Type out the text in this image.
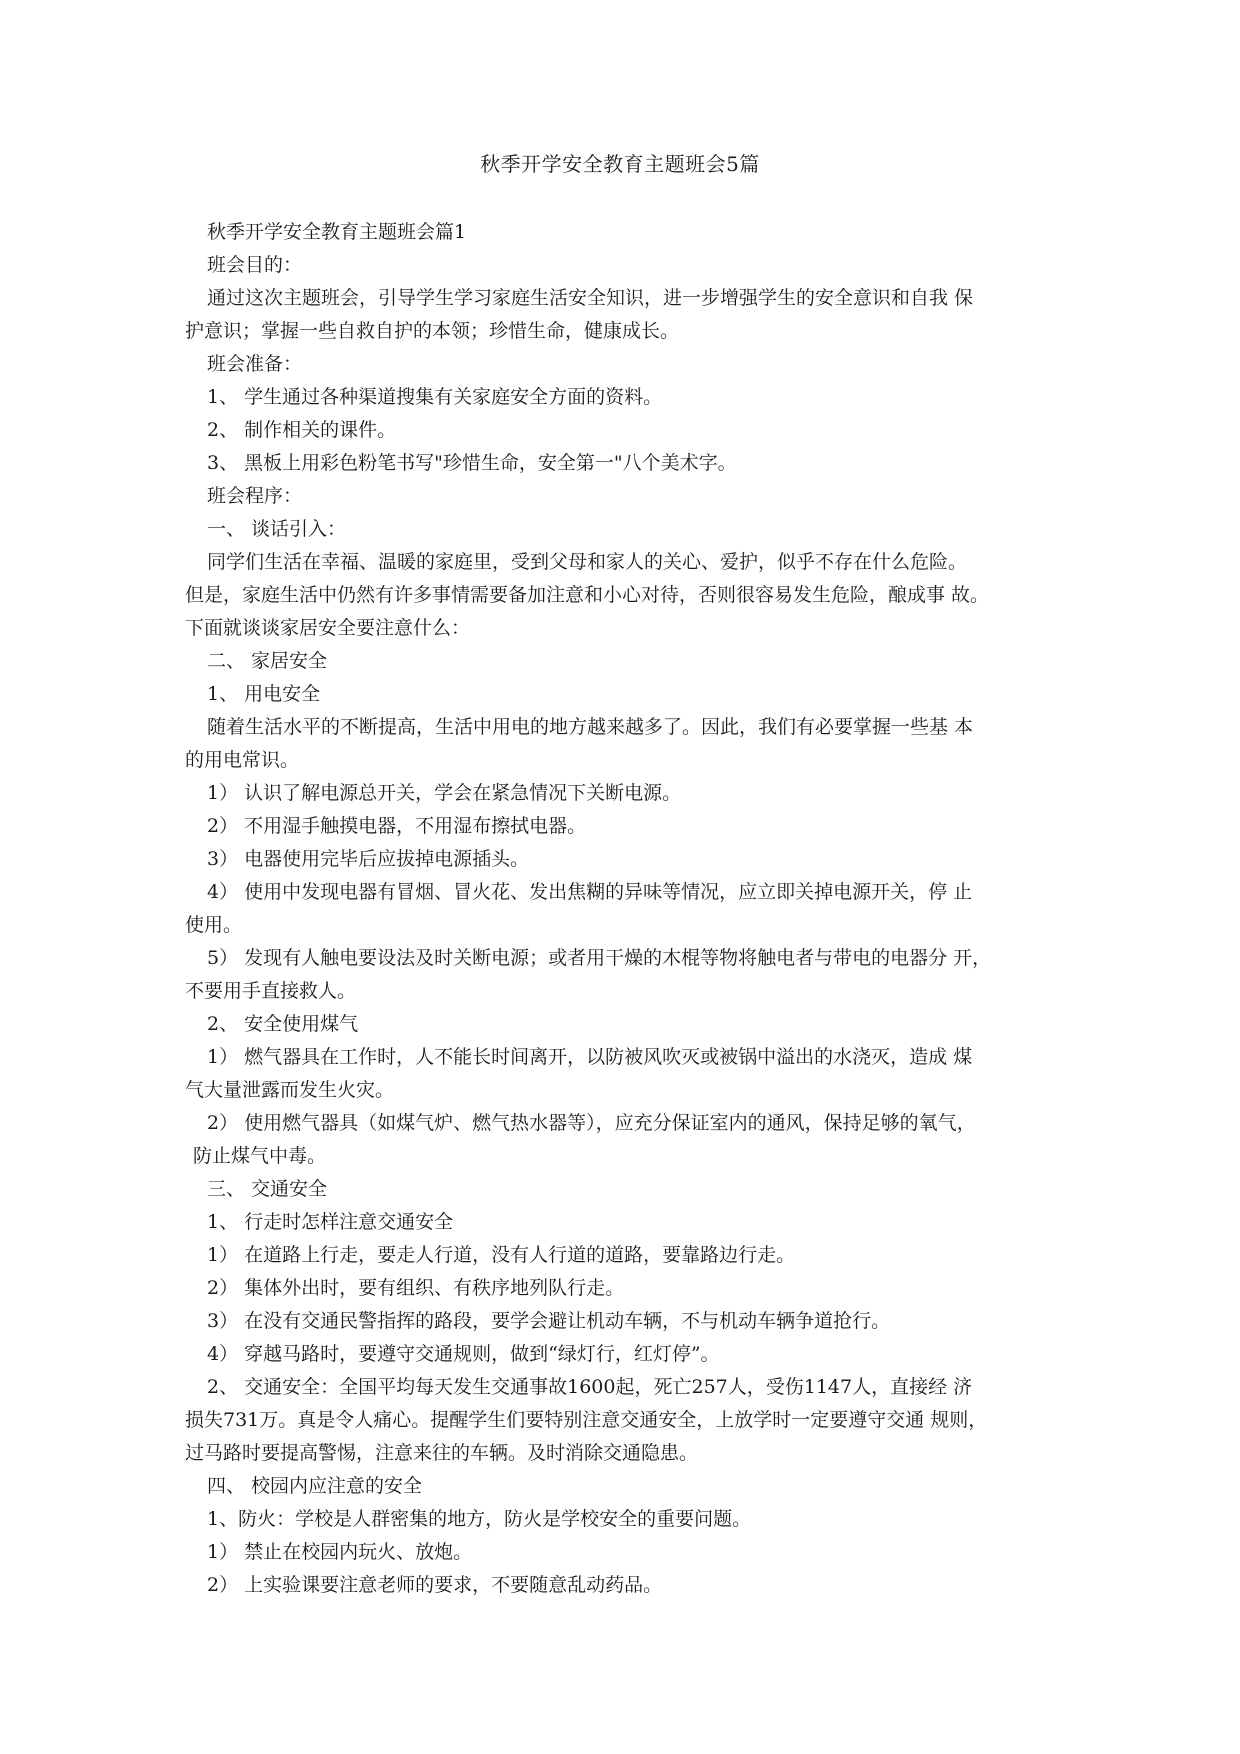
秋季开学安全教育主题班会5篇
秋季开学安全教育主题班会篇1
班会目的：
通过这次主题班会，引导学生学习家庭生活安全知识，进一步增强学生的安全意识和自我 保
护意识；掌握一些自救自护的本领；珍惜生命，健康成长。
班会准备：
1、 学生通过各种渠道搜集有关家庭安全方面的资料。
2、 制作相关的课件。
3、 黑板上用彩色粉笔书写"珍惜生命，安全第一"八个美术字。
班会程序：
一、 谈话引入：
同学们生活在幸福、温暖的家庭里，受到父母和家人的关心、爱护，似乎不存在什么危险。
但是，家庭生活中仍然有许多事情需要备加注意和小心对待，否则很容易发生危险，酿成事 故。
下面就谈谈家居安全要注意什么：
二、 家居安全
1、 用电安全
随着生活水平的不断提高，生活中用电的地方越来越多了。因此，我们有必要掌握一些基 本
的用电常识。
1） 认识了解电源总开关，学会在紧急情况下关断电源。
2） 不用湿手触摸电器，不用湿布擦拭电器。
3） 电器使用完毕后应拔掉电源插头。
4） 使用中发现电器有冒烟、冒火花、发出焦糊的异味等情况，应立即关掉电源开关，停 止
使用。
5） 发现有人触电要设法及时关断电源；或者用干燥的木棍等物将触电者与带电的电器分 开，
不要用手直接救人。
2、 安全使用煤气
1） 燃气器具在工作时，人不能长时间离开，以防被风吹灭或被锅中溢出的水浇灭，造成 煤
气大量泄露而发生火灾。
2） 使用燃气器具（如煤气炉、燃气热水器等），应充分保证室内的通风，保持足够的氧气，
防止煤气中毒。
三、 交通安全
1、 行走时怎样注意交通安全
1） 在道路上行走，要走人行道，没有人行道的道路，要靠路边行走。
2） 集体外出时，要有组织、有秩序地列队行走。
3） 在没有交通民警指挥的路段，要学会避让机动车辆，不与机动车辆争道抢行。
4） 穿越马路时，要遵守交通规则，做到“绿灯行，红灯停”。
2、 交通安全：全国平均每天发生交通事故1600起，死亡257人，受伤1147人，直接经 济
损失731万。真是令人痛心。提醒学生们要特别注意交通安全，上放学时一定要遵守交通 规则，
过马路时要提高警惕，注意来往的车辆。及时消除交通隐患。
四、 校园内应注意的安全
1、防火：学校是人群密集的地方，防火是学校安全的重要问题。
1） 禁止在校园内玩火、放炮。
2） 上实验课要注意老师的要求，不要随意乱动药品。
